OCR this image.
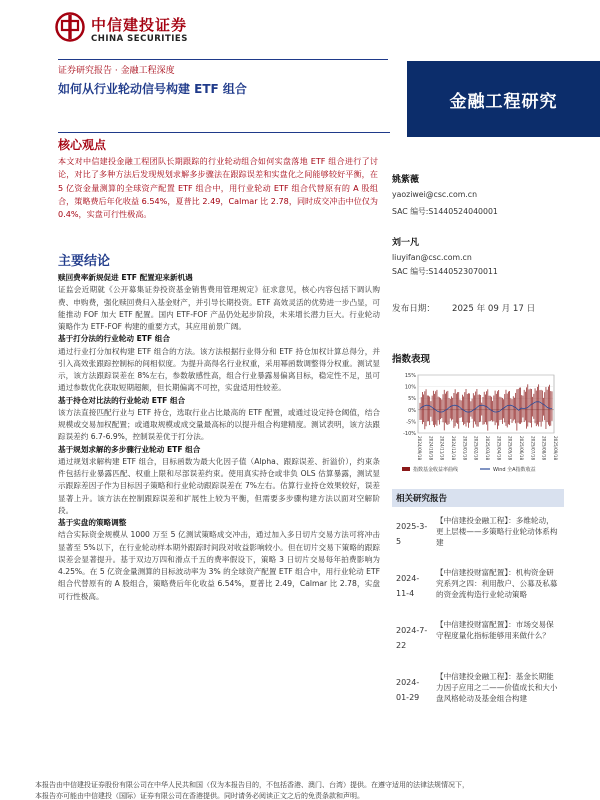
中信建投证券
CHINA SECURITIES
证券研究报告 · 金融工程深度
如何从行业轮动信号构建 ETF 组合
金融工程研究
核心观点
本文对中信建投金融工程团队长期跟踪的行业轮动组合如何实盘落地 ETF 组合进行了讨论，对比了多种方法后发现规划求解多步骤法在跟踪误差和实盘化之间能够较好平衡，在 5 亿资金量测算的全球资产配置 ETF 组合中，用行业轮动 ETF 组合代替原有的 A 股组合，策略费后年化收益 6.54%，夏普比 2.49，Calmar 比 2.78，同时成交冲击中位仅为 0.4%，实盘可行性极高。
主要结论

赎回费率新规促进 ETF 配置迎来新机遇
证监会近期就《公开募集证券投资基金销售费用管理规定》征求意见，核心内容包括下调认购费、申购费，强化赎回费归入基金财产，并引导长期投资。ETF 高效灵活的优势进一步凸显，可能推动 FOF 加大 ETF 配置。国内 ETF-FOF 产品仍处起步阶段，未来增长潜力巨大。行业轮动策略作为 ETF-FOF 构建的重要方式，其应用前景广阔。

基于打分法的行业轮动 ETF 组合
通过行业打分加权构建 ETF 组合的方法。该方法根据行业得分和 ETF 持仓加权计算总得分，并引入高效张跟踪控制标的间相似度。为提升高得名行业权重，采用幂函数调整得分权重。测试显示，该方法跟踪误差在 8%左右，参数敏感性高，组合行业暴露易偏离目标，稳定性不足，虽可通过参数优化获取短期超额，但长期偏离不可控，实盘适用性较差。

基于持仓对比法的行业轮动 ETF 组合
该方法直接匹配行业与 ETF 持仓，选取行业占比最高的 ETF 配置，或通过设定持仓阈值，结合规模或交易加权配置；或通取规模或成交量最高标的以提升组合构建精度。测试表明，该方法跟踪误差约 6.7-6.9%，控制误差优于打分法。

基于规划求解的多步骤行业轮动 ETF 组合
通过规划求解构建 ETF 组合，目标函数为最大化因子值（Alpha、跟踪误差、折溢价），约束条件包括行业暴露匹配、权重上限和尽部误差约束。使用真实持仓或非负 OLS 估算暴露，测试显示跟踪差因子作为目标因子策略和行业轮动跟踪误差在 7%左右。估算行业持仓效果较好，误差显著上升。该方法在控制跟踪误差和扩展性上较为平衡，但需要多步骤构建方法以面对空解阶段。

基于实盘的策略调整
结合实际资金规模从 1000 万至 5 亿测试策略成交冲击，通过加入多日切片交易方法可将冲击显著至 5%以下，在行业轮动样本期外跟踪时间段对收益影响较小。但在切片交易下策略的跟踪误差会显著提升。基于双边万四和滑点千五的费率假设下，策略 3 日切片交易每年拍费影响为 4.25%。在 5 亿资金量测算的目标波动率为 3% 的全球资产配置 ETF 组合中，用行业轮动 ETF 组合代替原有的 A 股组合，策略费后年化收益 6.54%，夏普比 2.49，Calmar 比 2.78，实盘可行性极高。

姚紫薇
yaoziwei@csc.com.cn
SAC 编号:S1440524040001
刘一凡
liuyifan@csc.com.cn
SAC 编号:S1440523070011
发布日期： 2025 年 09 月 17 日
指数表现
15%
10%
5%
0%
-5%
-10%
2024/09/18 2024/10/18 2024/11/18 2024/12/18 2025/01/18 2025/02/18 2025/03/18 2025/04/18 2025/05/18 2025/06/18 2025/07/18 2025/08/18 2025/09/18
指数基金收益率曲线	Wind 全A指数收益
相关研究报告
2025-3-5
【中信建投金融工程】：多维轮动，更上层楼——多策略行业轮动体系构建
2024-11-4
【中信建投财富配置】：机构资金研究系列之四：利用散户、公募及私募的资金流构造行业轮动策略
2024-7-22
【中信建投财富配置】：市场交易保守程度量化指标能够用来做什么？
2024-01-29
【中信建投金融工程】：基金长期能力因子应用之二——价值成长和大小盘风格轮动及基金组合构建
本报告由中信建投证券股份有限公司在中华人民共和国（仅为本报告目的，不包括香港、澳门、台湾）提供。在遵守适用的法律法规情况下，
本报告亦可能由中信建投（国际）证券有限公司在香港提供。同时请务必阅读正文之后的免责条款和声明。
